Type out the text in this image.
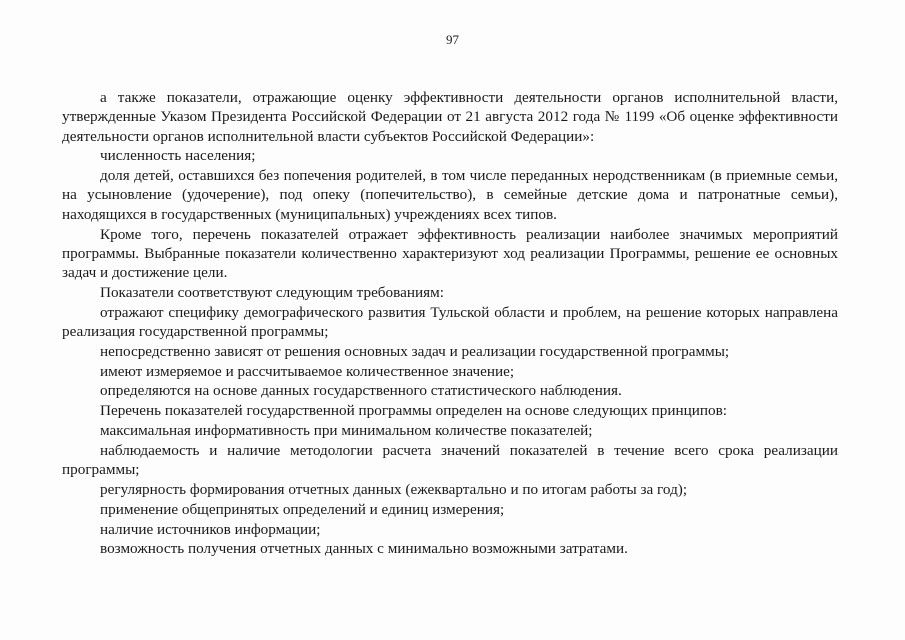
97

а также показатели, отражающие оценку эффективности деятельности органов исполнительной власти, утвержденные Указом Президента Российской Федерации от 21 августа 2012 года № 1199 «Об оценке эффективности деятельности органов исполнительной власти субъектов Российской Федерации»:

численность населения;

доля детей, оставшихся без попечения родителей, в том числе переданных неродственникам (в приемные семьи, на усыновление (удочерение), под опеку (попечительство), в семейные детские дома и патронатные семьи), находящихся в государственных (муниципальных) учреждениях всех типов.

Кроме того, перечень показателей отражает эффективность реализации наиболее значимых мероприятий программы. Выбранные показатели количественно характеризуют ход реализации Программы, решение ее основных задач и достижение цели.

Показатели соответствуют следующим требованиям:

отражают специфику демографического развития Тульской области и проблем, на решение которых направлена реализация государственной программы;

непосредственно зависят от решения основных задач и реализации государственной программы;

имеют измеряемое и рассчитываемое количественное значение;

определяются на основе данных государственного статистического наблюдения.

Перечень показателей государственной программы определен на основе следующих принципов:

максимальная информативность при минимальном количестве показателей;

наблюдаемость и наличие методологии расчета значений показателей в течение всего срока реализации программы;

регулярность формирования отчетных данных (ежеквартально и по итогам работы за год);

применение общепринятых определений и единиц измерения;

наличие источников информации;

возможность получения отчетных данных с минимально возможными затратами.
